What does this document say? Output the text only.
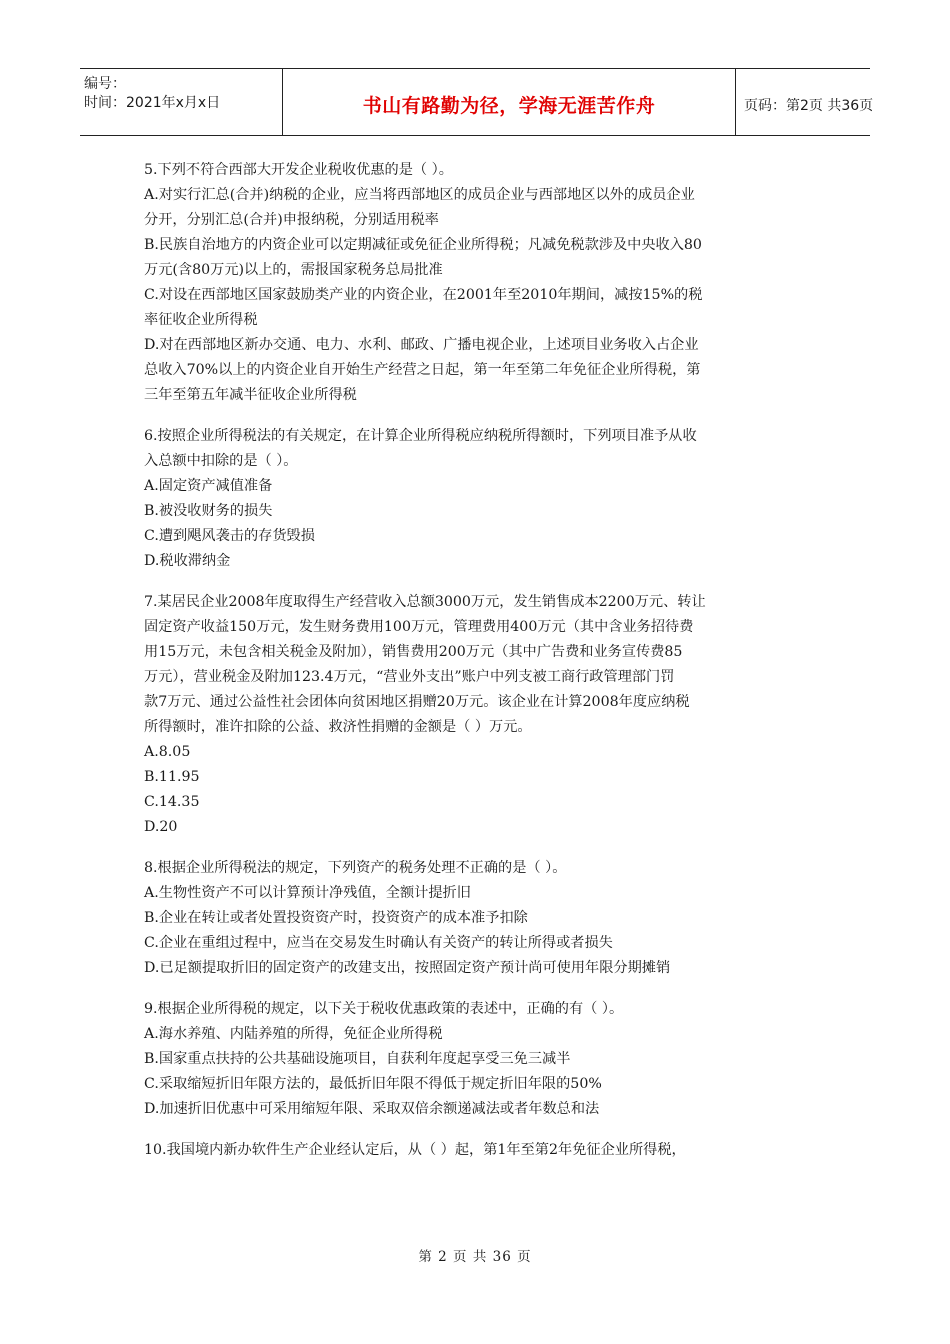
编号：
时间：2021年x月x日	书山有路勤为径，学海无涯苦作舟	页码：第2页 共36页
5.下列不符合西部大开发企业税收优惠的是（ ）。
A.对实行汇总(合并)纳税的企业，应当将西部地区的成员企业与西部地区以外的成员企业
分开，分别汇总(合并)申报纳税，分别适用税率
B.民族自治地方的内资企业可以定期减征或免征企业所得税；凡减免税款涉及中央收入80
万元(含80万元)以上的，需报国家税务总局批准
C.对设在西部地区国家鼓励类产业的内资企业，在2001年至2010年期间，减按15%的税
率征收企业所得税
D.对在西部地区新办交通、电力、水利、邮政、广播电视企业，上述项目业务收入占企业
总收入70%以上的内资企业自开始生产经营之日起，第一年至第二年免征企业所得税，第
三年至第五年减半征收企业所得税
6.按照企业所得税法的有关规定，在计算企业所得税应纳税所得额时，下列项目准予从收
入总额中扣除的是（ ）。
A.固定资产减值准备
B.被没收财务的损失
C.遭到飓风袭击的存货毁损
D.税收滞纳金
7.某居民企业2008年度取得生产经营收入总额3000万元，发生销售成本2200万元、转让
固定资产收益150万元，发生财务费用100万元，管理费用400万元（其中含业务招待费
用15万元，未包含相关税金及附加），销售费用200万元（其中广告费和业务宣传费85
万元），营业税金及附加123.4万元，“营业外支出”账户中列支被工商行政管理部门罚
款7万元、通过公益性社会团体向贫困地区捐赠20万元。该企业在计算2008年度应纳税
所得额时，准许扣除的公益、救济性捐赠的金额是（ ）万元。
A.8.05
B.11.95
C.14.35
D.20
8.根据企业所得税法的规定，下列资产的税务处理不正确的是（ ）。
A.生物性资产不可以计算预计净残值，全额计提折旧
B.企业在转让或者处置投资资产时，投资资产的成本准予扣除
C.企业在重组过程中，应当在交易发生时确认有关资产的转让所得或者损失
D.已足额提取折旧的固定资产的改建支出，按照固定资产预计尚可使用年限分期摊销
9.根据企业所得税的规定，以下关于税收优惠政策的表述中，正确的有（ ）。
A.海水养殖、内陆养殖的所得，免征企业所得税
B.国家重点扶持的公共基础设施项目，自获利年度起享受三免三减半
C.采取缩短折旧年限方法的，最低折旧年限不得低于规定折旧年限的50%
D.加速折旧优惠中可采用缩短年限、采取双倍余额递减法或者年数总和法
10.我国境内新办软件生产企业经认定后，从（ ）起，第1年至第2年免征企业所得税，
第 2 页 共 36 页
